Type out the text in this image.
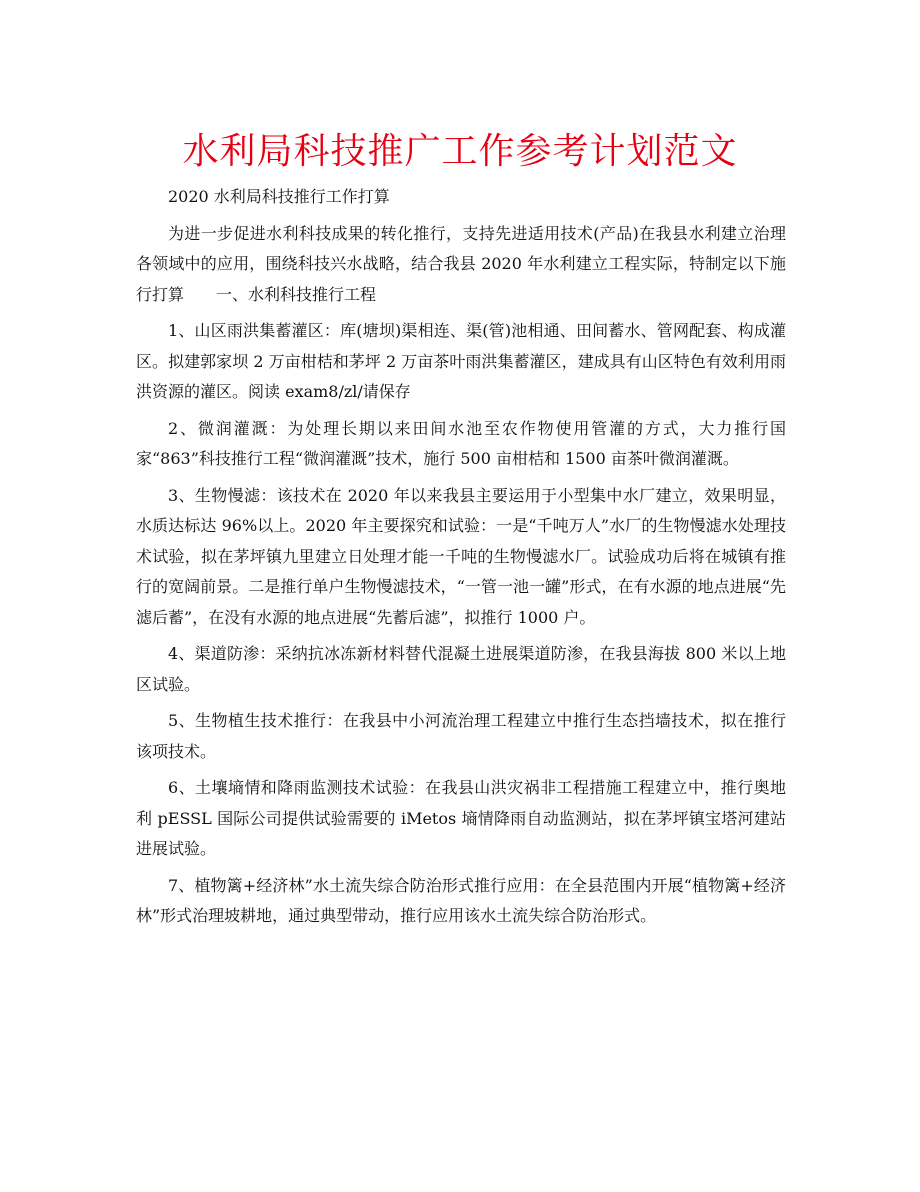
水利局科技推广工作参考计划范文

2020 水利局科技推行工作打算

为进一步促进水利科技成果的转化推行，支持先进适用技术(产品)在我县水利建立治理各领域中的应用，围绕科技兴水战略，结合我县 2020 年水利建立工程实际，特制定以下施行打算　　一、水利科技推行工程

1、山区雨洪集蓄灌区：库(塘坝)渠相连、渠(管)池相通、田间蓄水、管网配套、构成灌区。拟建郭家坝 2 万亩柑桔和茅坪 2 万亩茶叶雨洪集蓄灌区，建成具有山区特色有效利用雨洪资源的灌区。阅读 exam8/zl/请保存

2、微润灌溉：为处理长期以来田间水池至农作物使用管灌的方式，大力推行国家“863”科技推行工程“微润灌溉”技术，施行 500 亩柑桔和 1500 亩茶叶微润灌溉。

3、生物慢滤：该技术在 2020 年以来我县主要运用于小型集中水厂建立，效果明显，水质达标达 96%以上。2020 年主要探究和试验：一是“千吨万人”水厂的生物慢滤水处理技术试验，拟在茅坪镇九里建立日处理才能一千吨的生物慢滤水厂。试验成功后将在城镇有推行的宽阔前景。二是推行单户生物慢滤技术，“一管一池一罐”形式，在有水源的地点进展“先滤后蓄”，在没有水源的地点进展“先蓄后滤”，拟推行 1000 户。

4、渠道防渗：采纳抗冰冻新材料替代混凝土进展渠道防渗，在我县海拔 800 米以上地区试验。

5、生物植生技术推行：在我县中小河流治理工程建立中推行生态挡墙技术，拟在推行该项技术。

6、土壤墒情和降雨监测技术试验：在我县山洪灾祸非工程措施工程建立中，推行奥地利 pESSL 国际公司提供试验需要的 iMetos 墒情降雨自动监测站，拟在茅坪镇宝塔河建站进展试验。

7、植物篱+经济林”水土流失综合防治形式推行应用：在全县范围内开展“植物篱+经济林”形式治理坡耕地，通过典型带动，推行应用该水土流失综合防治形式。
